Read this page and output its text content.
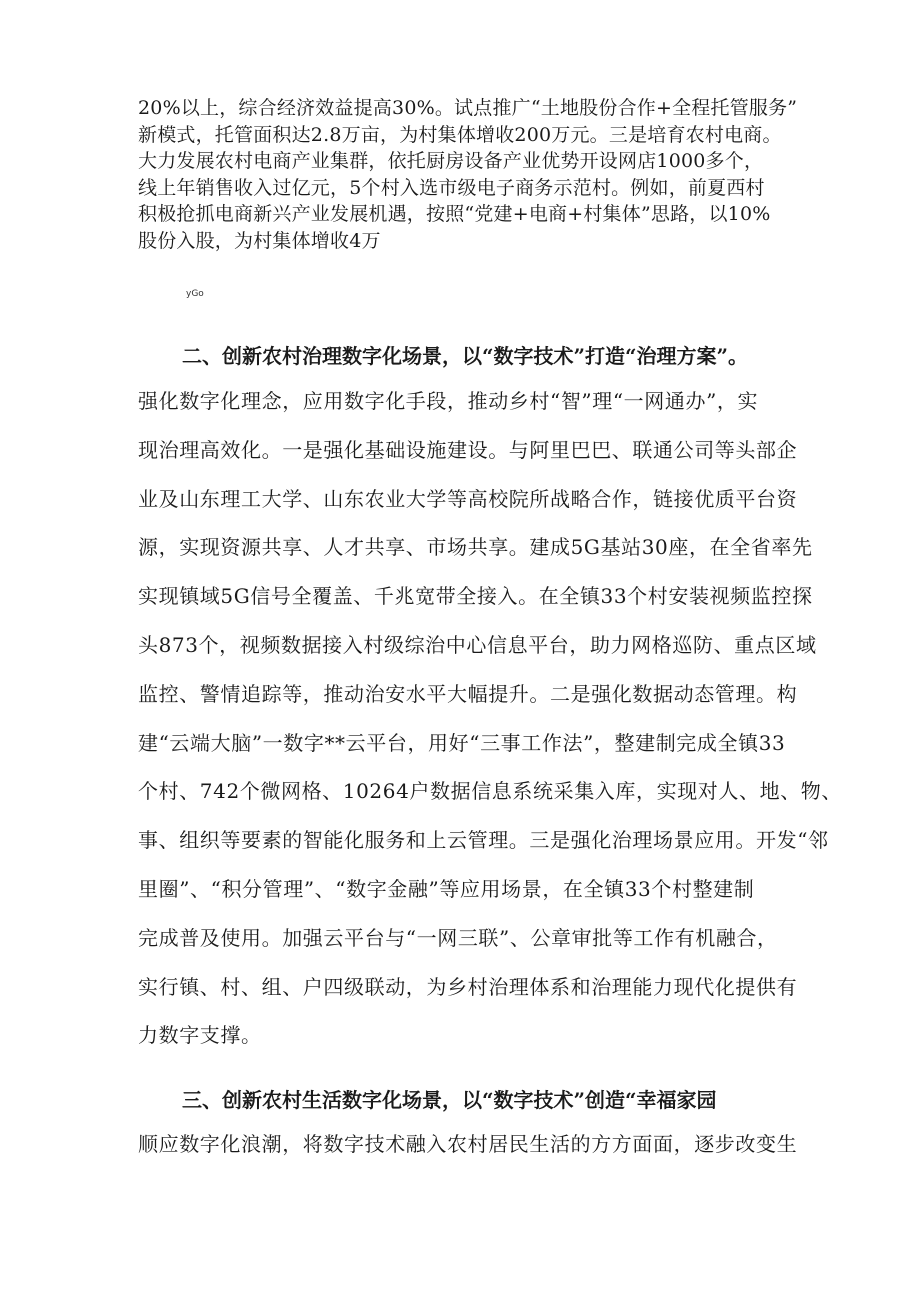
20%以上，综合经济效益提高30%。试点推广“土地股份合作+全程托管服务”
新模式，托管面积达2.8万亩，为村集体增收200万元。三是培育农村电商。
大力发展农村电商产业集群，依托厨房设备产业优势开设网店1000多个，
线上年销售收入过亿元，5个村入选市级电子商务示范村。例如，前夏西村
积极抢抓电商新兴产业发展机遇，按照“党建+电商+村集体”思路，以10%
股份入股，为村集体增收4万
yGo
二、创新农村治理数字化场景，以“数字技术”打造“治理方案”。
强化数字化理念，应用数字化手段，推动乡村“智”理“一网通办”，实
现治理高效化。一是强化基础设施建设。与阿里巴巴、联通公司等头部企
业及山东理工大学、山东农业大学等高校院所战略合作，链接优质平台资
源，实现资源共享、人才共享、市场共享。建成5G基站30座，在全省率先
实现镇域5G信号全覆盖、千兆宽带全接入。在全镇33个村安装视频监控探
头873个，视频数据接入村级综治中心信息平台，助力网格巡防、重点区域
监控、警情追踪等，推动治安水平大幅提升。二是强化数据动态管理。构
建“云端大脑”一数字**云平台，用好“三事工作法”，整建制完成全镇33
个村、742个微网格、10264户数据信息系统采集入库，实现对人、地、物、
事、组织等要素的智能化服务和上云管理。三是强化治理场景应用。开发“邻
里圈”、“积分管理”、“数字金融”等应用场景，在全镇33个村整建制
完成普及使用。加强云平台与“一网三联”、公章审批等工作有机融合，
实行镇、村、组、户四级联动，为乡村治理体系和治理能力现代化提供有
力数字支撑。
三、创新农村生活数字化场景，以“数字技术”创造“幸福家园
顺应数字化浪潮，将数字技术融入农村居民生活的方方面面，逐步改变生
